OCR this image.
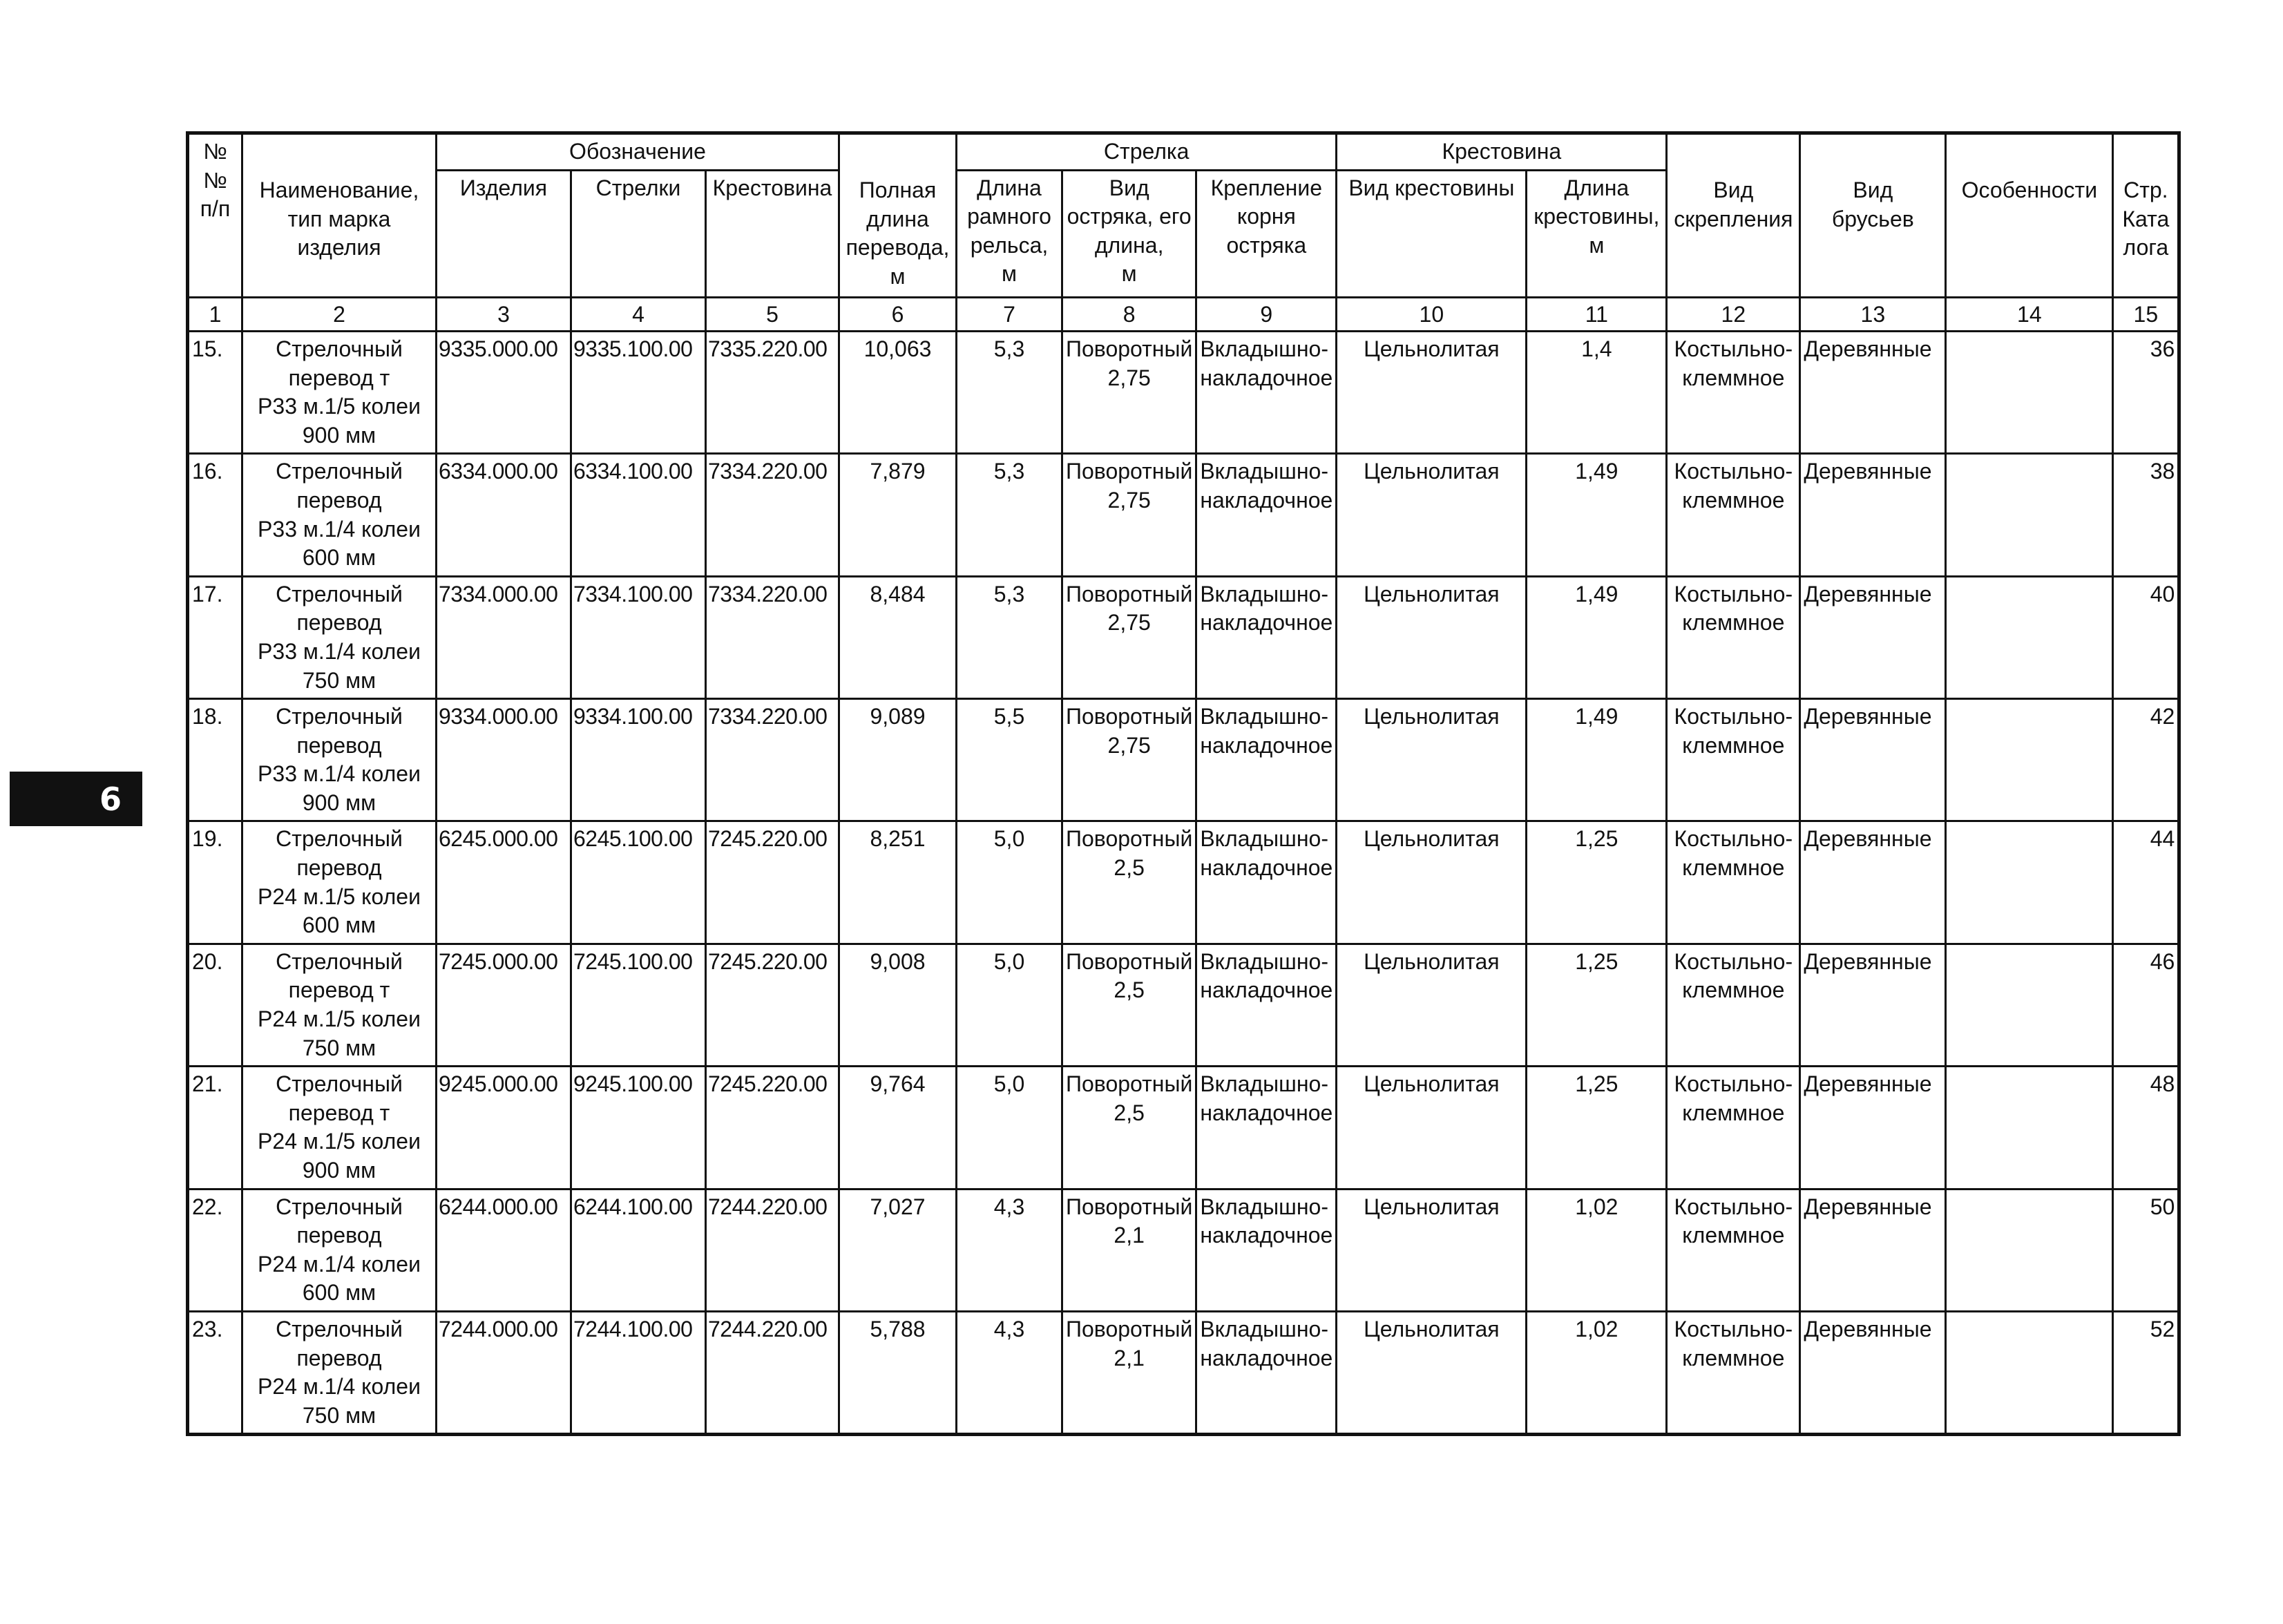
6
№№
п/п	Наименование,
тип марка
изделия	Обозначение			Полная
длина
перевода,
м	Стрелка			Крестовина		Вид
скрепления	Вид
брусьев	Особенности	Стр.
Ката
лога
		Изделия	Стрелки	Крестовина		Длина
рамного
рельса,
м	Вид
остряка, его
длина,
м	Крепление
корня
остряка	Вид крестовины	Длина
крестовины,
м				
1	2	3	4	5	6	7	8	9	10	11	12	13	14	15
15.	Стрелочный
перевод т
Р33 м.1/5 колеи
900 мм	9335.000.00	9335.100.00	7335.220.00	10,063	5,3	Поворотный
2,75	Вкладышно-
накладочное	Цельнолитая	1,4	Костыльно-
клеммное	Деревянные		36
16.	Стрелочный
перевод
Р33 м.1/4 колеи
600 мм	6334.000.00	6334.100.00	7334.220.00	7,879	5,3	Поворотный
2,75	Вкладышно-
накладочное	Цельнолитая	1,49	Костыльно-
клеммное	Деревянные		38
17.	Стрелочный
перевод
Р33 м.1/4 колеи
750 мм	7334.000.00	7334.100.00	7334.220.00	8,484	5,3	Поворотный
2,75	Вкладышно-
накладочное	Цельнолитая	1,49	Костыльно-
клеммное	Деревянные		40
18.	Стрелочный
перевод
Р33 м.1/4 колеи
900 мм	9334.000.00	9334.100.00	7334.220.00	9,089	5,5	Поворотный
2,75	Вкладышно-
накладочное	Цельнолитая	1,49	Костыльно-
клеммное	Деревянные		42
19.	Стрелочный
перевод
Р24 м.1/5 колеи
600 мм	6245.000.00	6245.100.00	7245.220.00	8,251	5,0	Поворотный
2,5	Вкладышно-
накладочное	Цельнолитая	1,25	Костыльно-
клеммное	Деревянные		44
20.	Стрелочный
перевод т
Р24 м.1/5 колеи
750 мм	7245.000.00	7245.100.00	7245.220.00	9,008	5,0	Поворотный
2,5	Вкладышно-
накладочное	Цельнолитая	1,25	Костыльно-
клеммное	Деревянные		46
21.	Стрелочный
перевод т
Р24 м.1/5 колеи
900 мм	9245.000.00	9245.100.00	7245.220.00	9,764	5,0	Поворотный
2,5	Вкладышно-
накладочное	Цельнолитая	1,25	Костыльно-
клеммное	Деревянные		48
22.	Стрелочный
перевод
Р24 м.1/4 колеи
600 мм	6244.000.00	6244.100.00	7244.220.00	7,027	4,3	Поворотный
2,1	Вкладышно-
накладочное	Цельнолитая	1,02	Костыльно-
клеммное	Деревянные		50
23.	Стрелочный
перевод
Р24 м.1/4 колеи
750 мм	7244.000.00	7244.100.00	7244.220.00	5,788	4,3	Поворотный
2,1	Вкладышно-
накладочное	Цельнолитая	1,02	Костыльно-
клеммное	Деревянные		52
